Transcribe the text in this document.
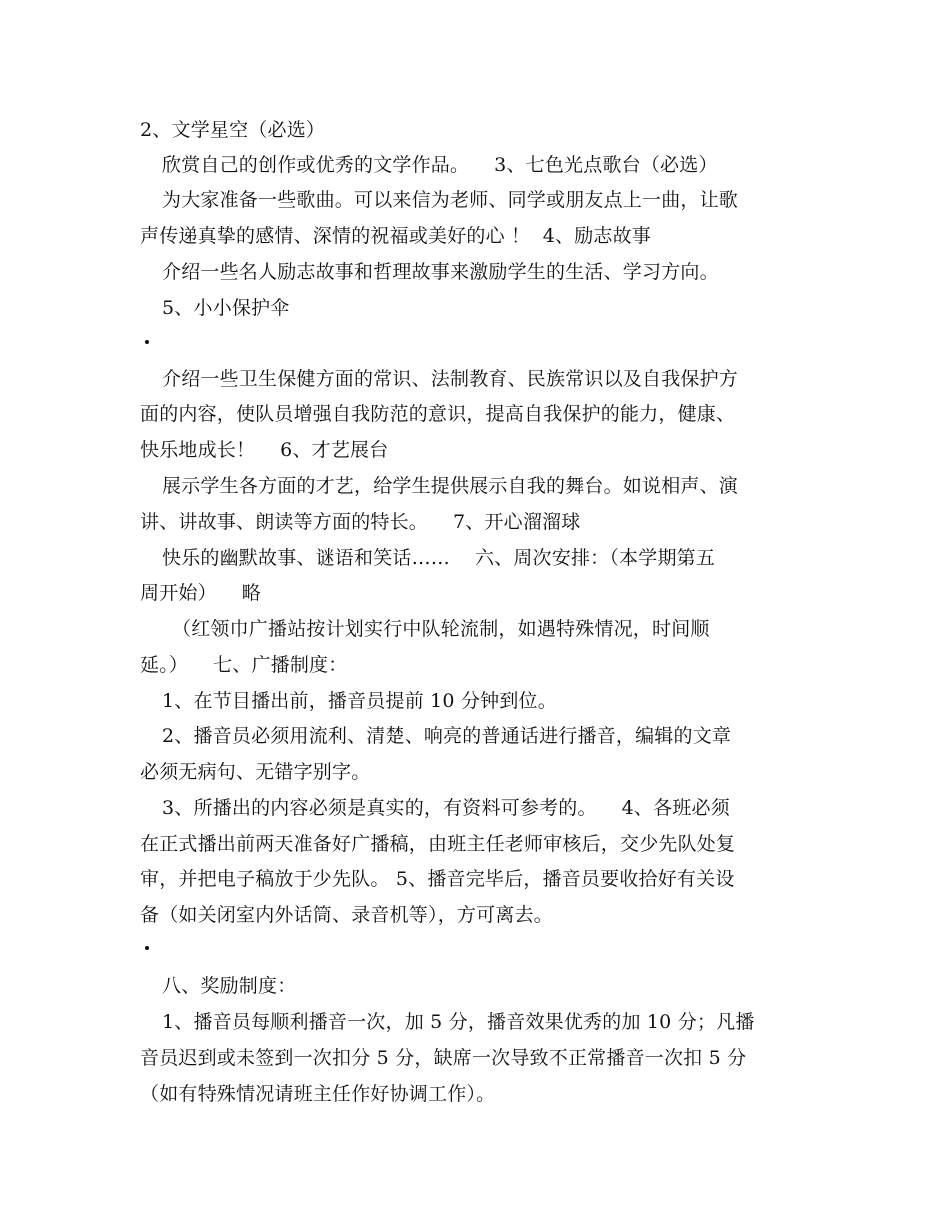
2、文学星空（必选）
欣赏自己的创作或优秀的文学作品。    3、七色光点歌台（必选）
为大家准备一些歌曲。可以来信为老师、同学或朋友点上一曲，让歌
声传递真挚的感情、深情的祝福或美好的心 ！  4、励志故事
介绍一些名人励志故事和哲理故事来激励学生的生活、学习方向。
5、小小保护伞
介绍一些卫生保健方面的常识、法制教育、民族常识以及自我保护方
面的内容，使队员增强自我防范的意识，提高自我保护的能力，健康、
快乐地成长！    6、才艺展台
展示学生各方面的才艺，给学生提供展示自我的舞台。如说相声、演
讲、讲故事、朗读等方面的特长。    7、开心溜溜球
快乐的幽默故事、谜语和笑话……    六、周次安排：（本学期第五
周开始）    略
（红领巾广播站按计划实行中队轮流制，如遇特殊情况，时间顺
延。）    七、广播制度：
1、在节目播出前，播音员提前 10 分钟到位。
2、播音员必须用流利、清楚、响亮的普通话进行播音，编辑的文章
必须无病句、无错字别字。
3、所播出的内容必须是真实的，有资料可参考的。    4、各班必须
在正式播出前两天准备好广播稿，由班主任老师审核后，交少先队处复
审，并把电子稿放于少先队。 5、播音完毕后，播音员要收拾好有关设
备（如关闭室内外话筒、录音机等），方可离去。
八、奖励制度：
1、播音员每顺利播音一次，加 5 分，播音效果优秀的加 10 分；凡播
音员迟到或未签到一次扣分 5 分，缺席一次导致不正常播音一次扣 5 分
（如有特殊情况请班主任作好协调工作）。
